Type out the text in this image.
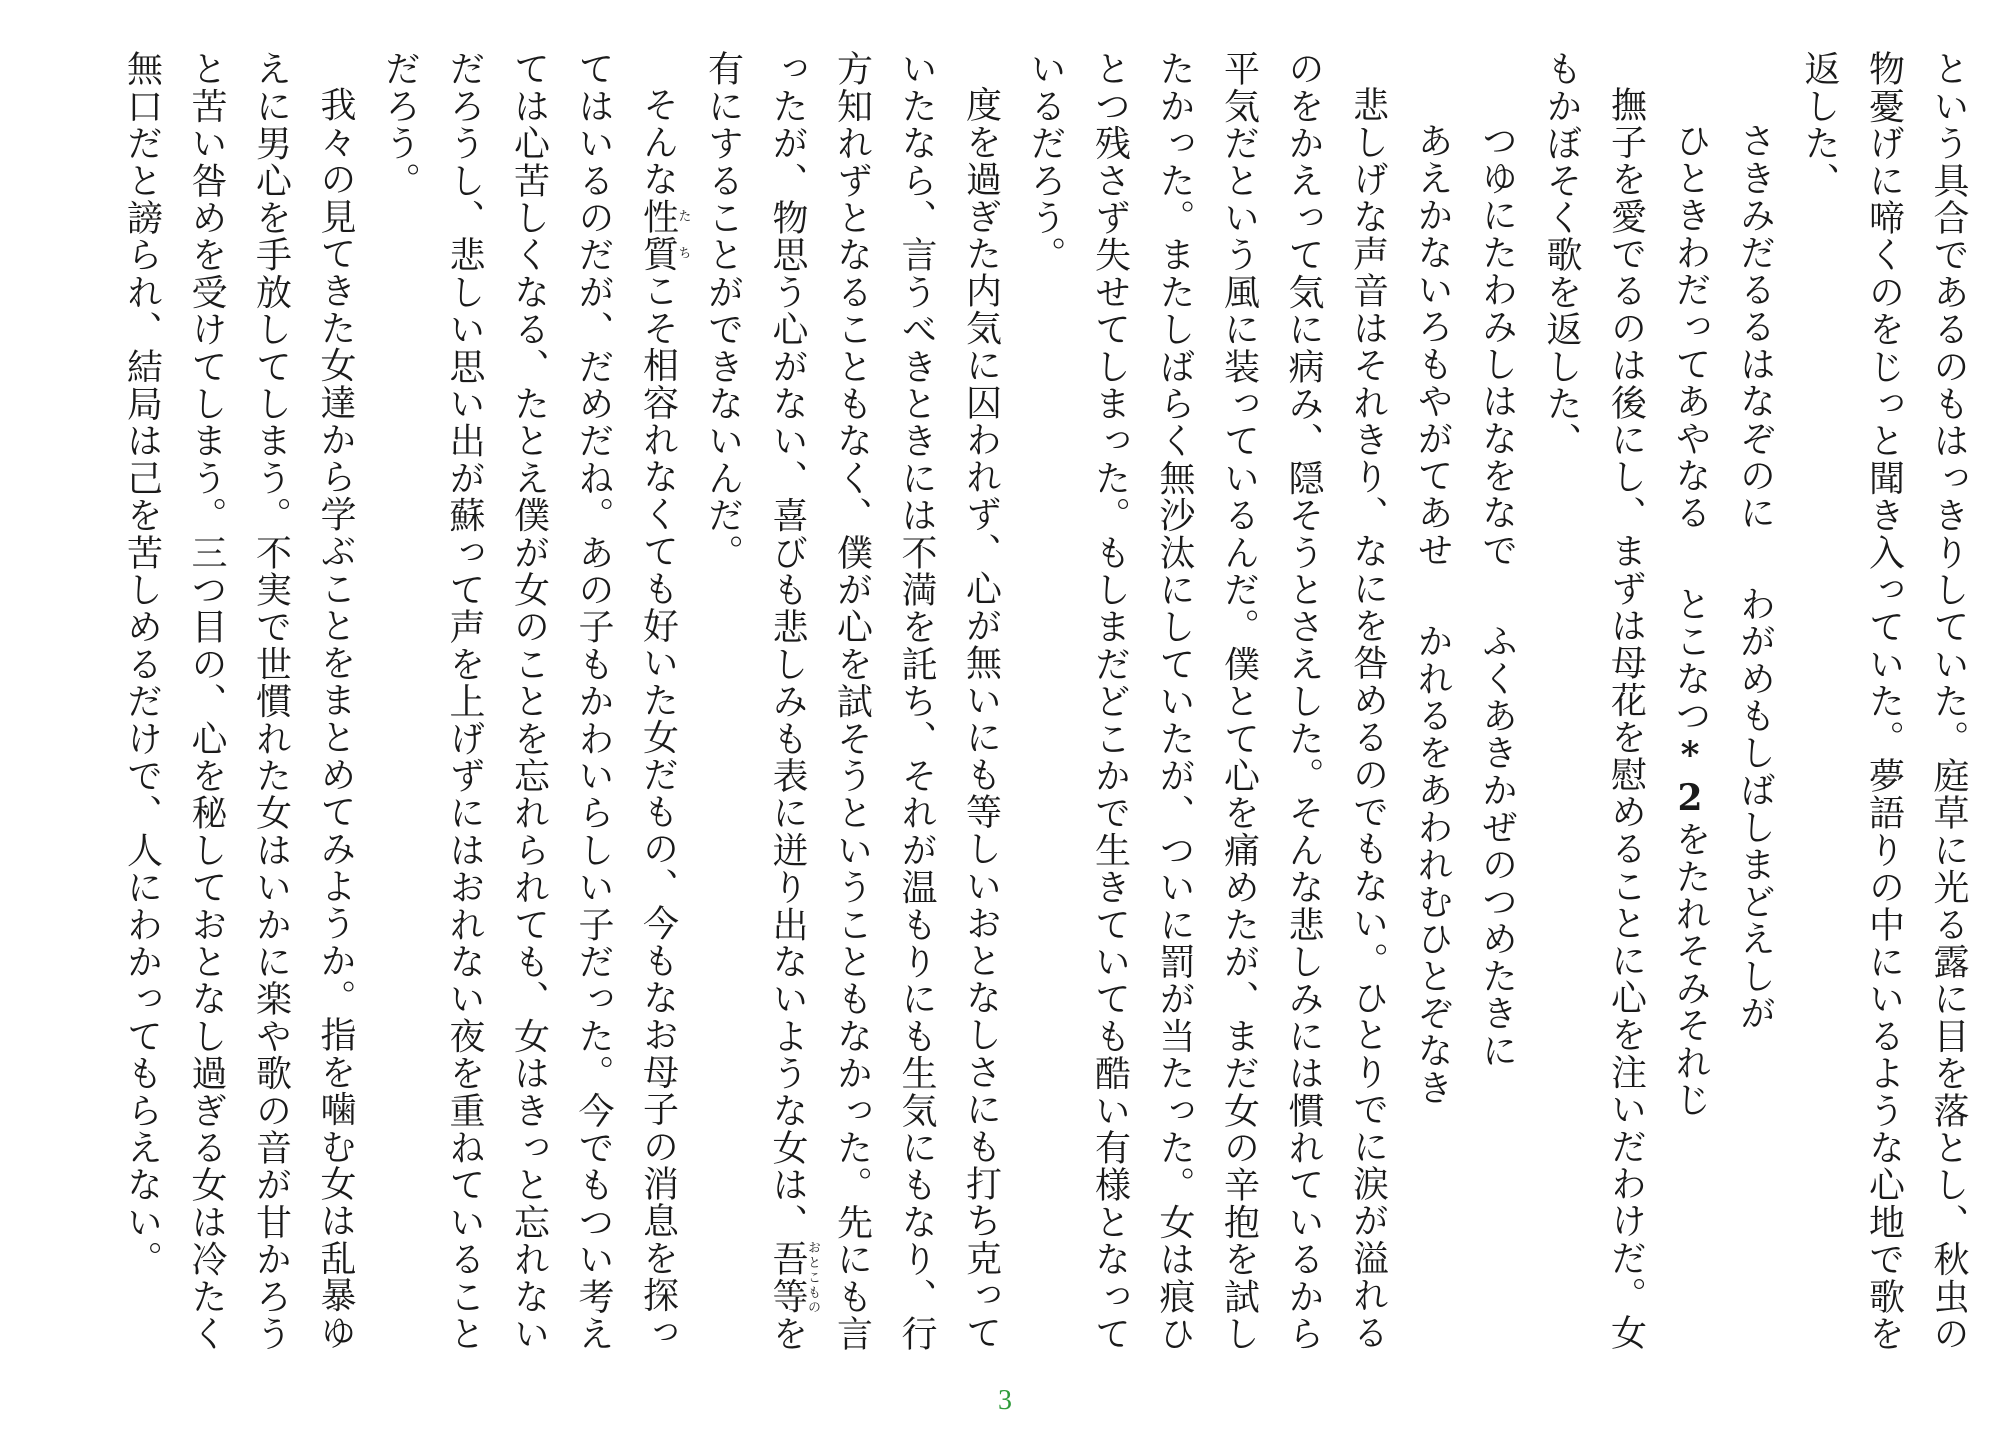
という具合であるのもはっきりしていた。庭草に光る露に目を落とし、秋虫の物憂げに啼くのをじっと聞き入っていた。夢語りの中にいるような心地で歌を返した、

さきみだるるはなぞのにわがめもしばしまどえしが

ひときわだってあやなるとこなつ*2をたれそみそれじ

撫子を愛でるのは後にし、まずは母花を慰めることに心を注いだわけだ。女もかぼそく歌を返した、

つゆにたわみしはなをなでふくあきかぜのつめたきに

あえかないろもやがてあせかれるをあわれむひとぞなき

悲しげな声音はそれきり、なにを咎めるのでもない。ひとりでに涙が溢れるのをかえって気に病み、隠そうとさえした。そんな悲しみには慣れているから平気だという風に装っているんだ。僕とて心を痛めたが、まだ女の辛抱を試したかった。またしばらく無沙汰にしていたが、ついに罰が当たった。女は痕ひとつ残さず失せてしまった。もしまだどこかで生きていても酷い有様となっているだろう。

度を過ぎた内気に囚われず、心が無いにも等しいおとなしさにも打ち克っていたなら、言うべきときには不満を託ち、それが温もりにも生気にもなり、行方知れずとなることもなく、僕が心を試そうということもなかった。先にも言ったが、物思う心がない、喜びも悲しみも表に迸り出ないような女は、吾等おとこものを有にすることができないんだ。

そんな性質たちこそ相容れなくても好いた女だもの、今もなお母子の消息を探ってはいるのだが、だめだね。あの子もかわいらしい子だった。今でもつい考えては心苦しくなる、たとえ僕が女のことを忘れられても、女はきっと忘れないだろうし、悲しい思い出が蘇って声を上げずにはおれない夜を重ねていることだろう。

我々の見てきた女達から学ぶことをまとめてみようか。指を噛む女は乱暴ゆえに男心を手放してしまう。不実で世慣れた女はいかに楽や歌の音が甘かろうと苦い咎めを受けてしまう。三つ目の、心を秘しておとなし過ぎる女は冷たく無口だと謗られ、結局は己を苦しめるだけで、人にわかってもらえない。

3
